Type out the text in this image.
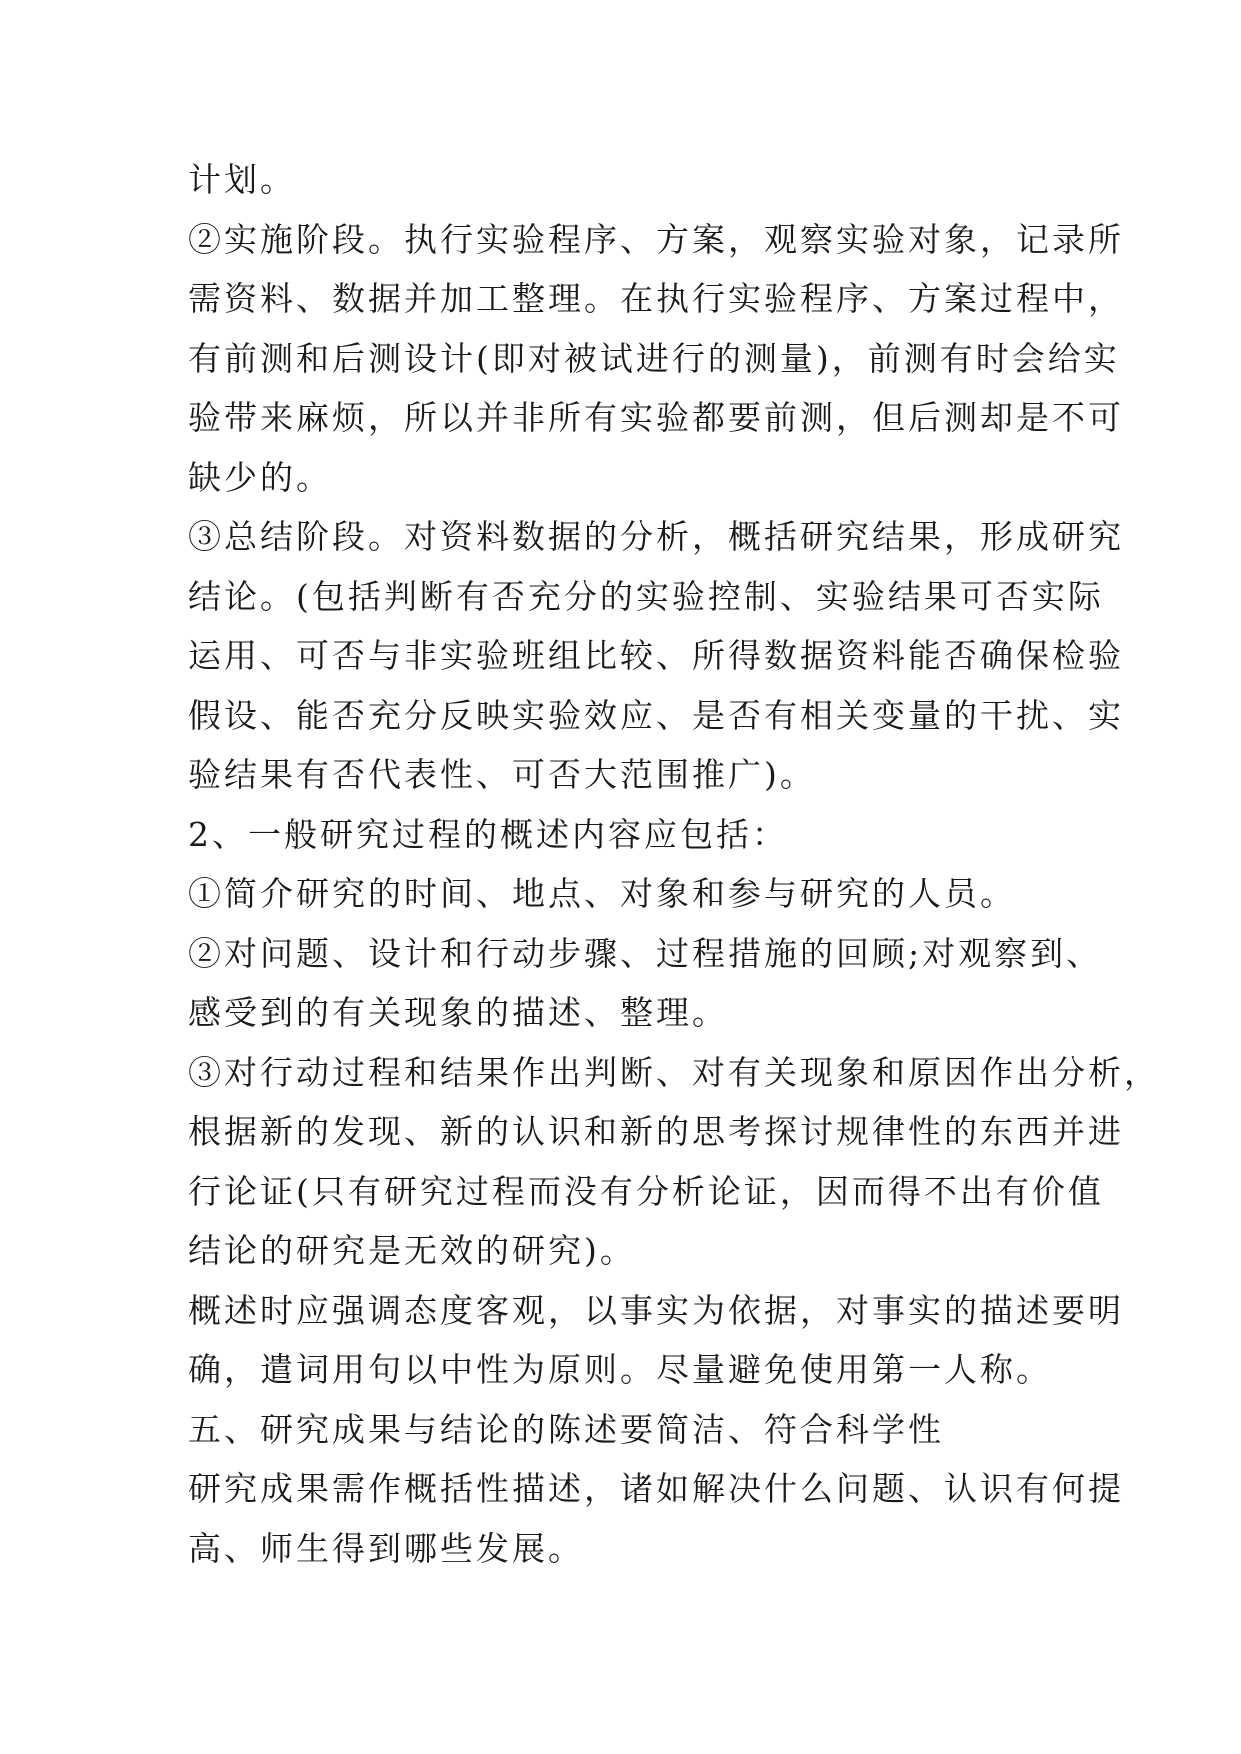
计划。
②实施阶段。执行实验程序、方案，观察实验对象，记录所
需资料、数据并加工整理。在执行实验程序、方案过程中，
有前测和后测设计(即对被试进行的测量)，前测有时会给实
验带来麻烦，所以并非所有实验都要前测，但后测却是不可
缺少的。
③总结阶段。对资料数据的分析，概括研究结果，形成研究
结论。(包括判断有否充分的实验控制、实验结果可否实际
运用、可否与非实验班组比较、所得数据资料能否确保检验
假设、能否充分反映实验效应、是否有相关变量的干扰、实
验结果有否代表性、可否大范围推广)。
2、一般研究过程的概述内容应包括：
①简介研究的时间、地点、对象和参与研究的人员。
②对问题、设计和行动步骤、过程措施的回顾;对观察到、
感受到的有关现象的描述、整理。
③对行动过程和结果作出判断、对有关现象和原因作出分析，
根据新的发现、新的认识和新的思考探讨规律性的东西并进
行论证(只有研究过程而没有分析论证，因而得不出有价值
结论的研究是无效的研究)。
概述时应强调态度客观，以事实为依据，对事实的描述要明
确，遣词用句以中性为原则。尽量避免使用第一人称。
五、研究成果与结论的陈述要简洁、符合科学性
研究成果需作概括性描述，诸如解决什么问题、认识有何提
高、师生得到哪些发展。
